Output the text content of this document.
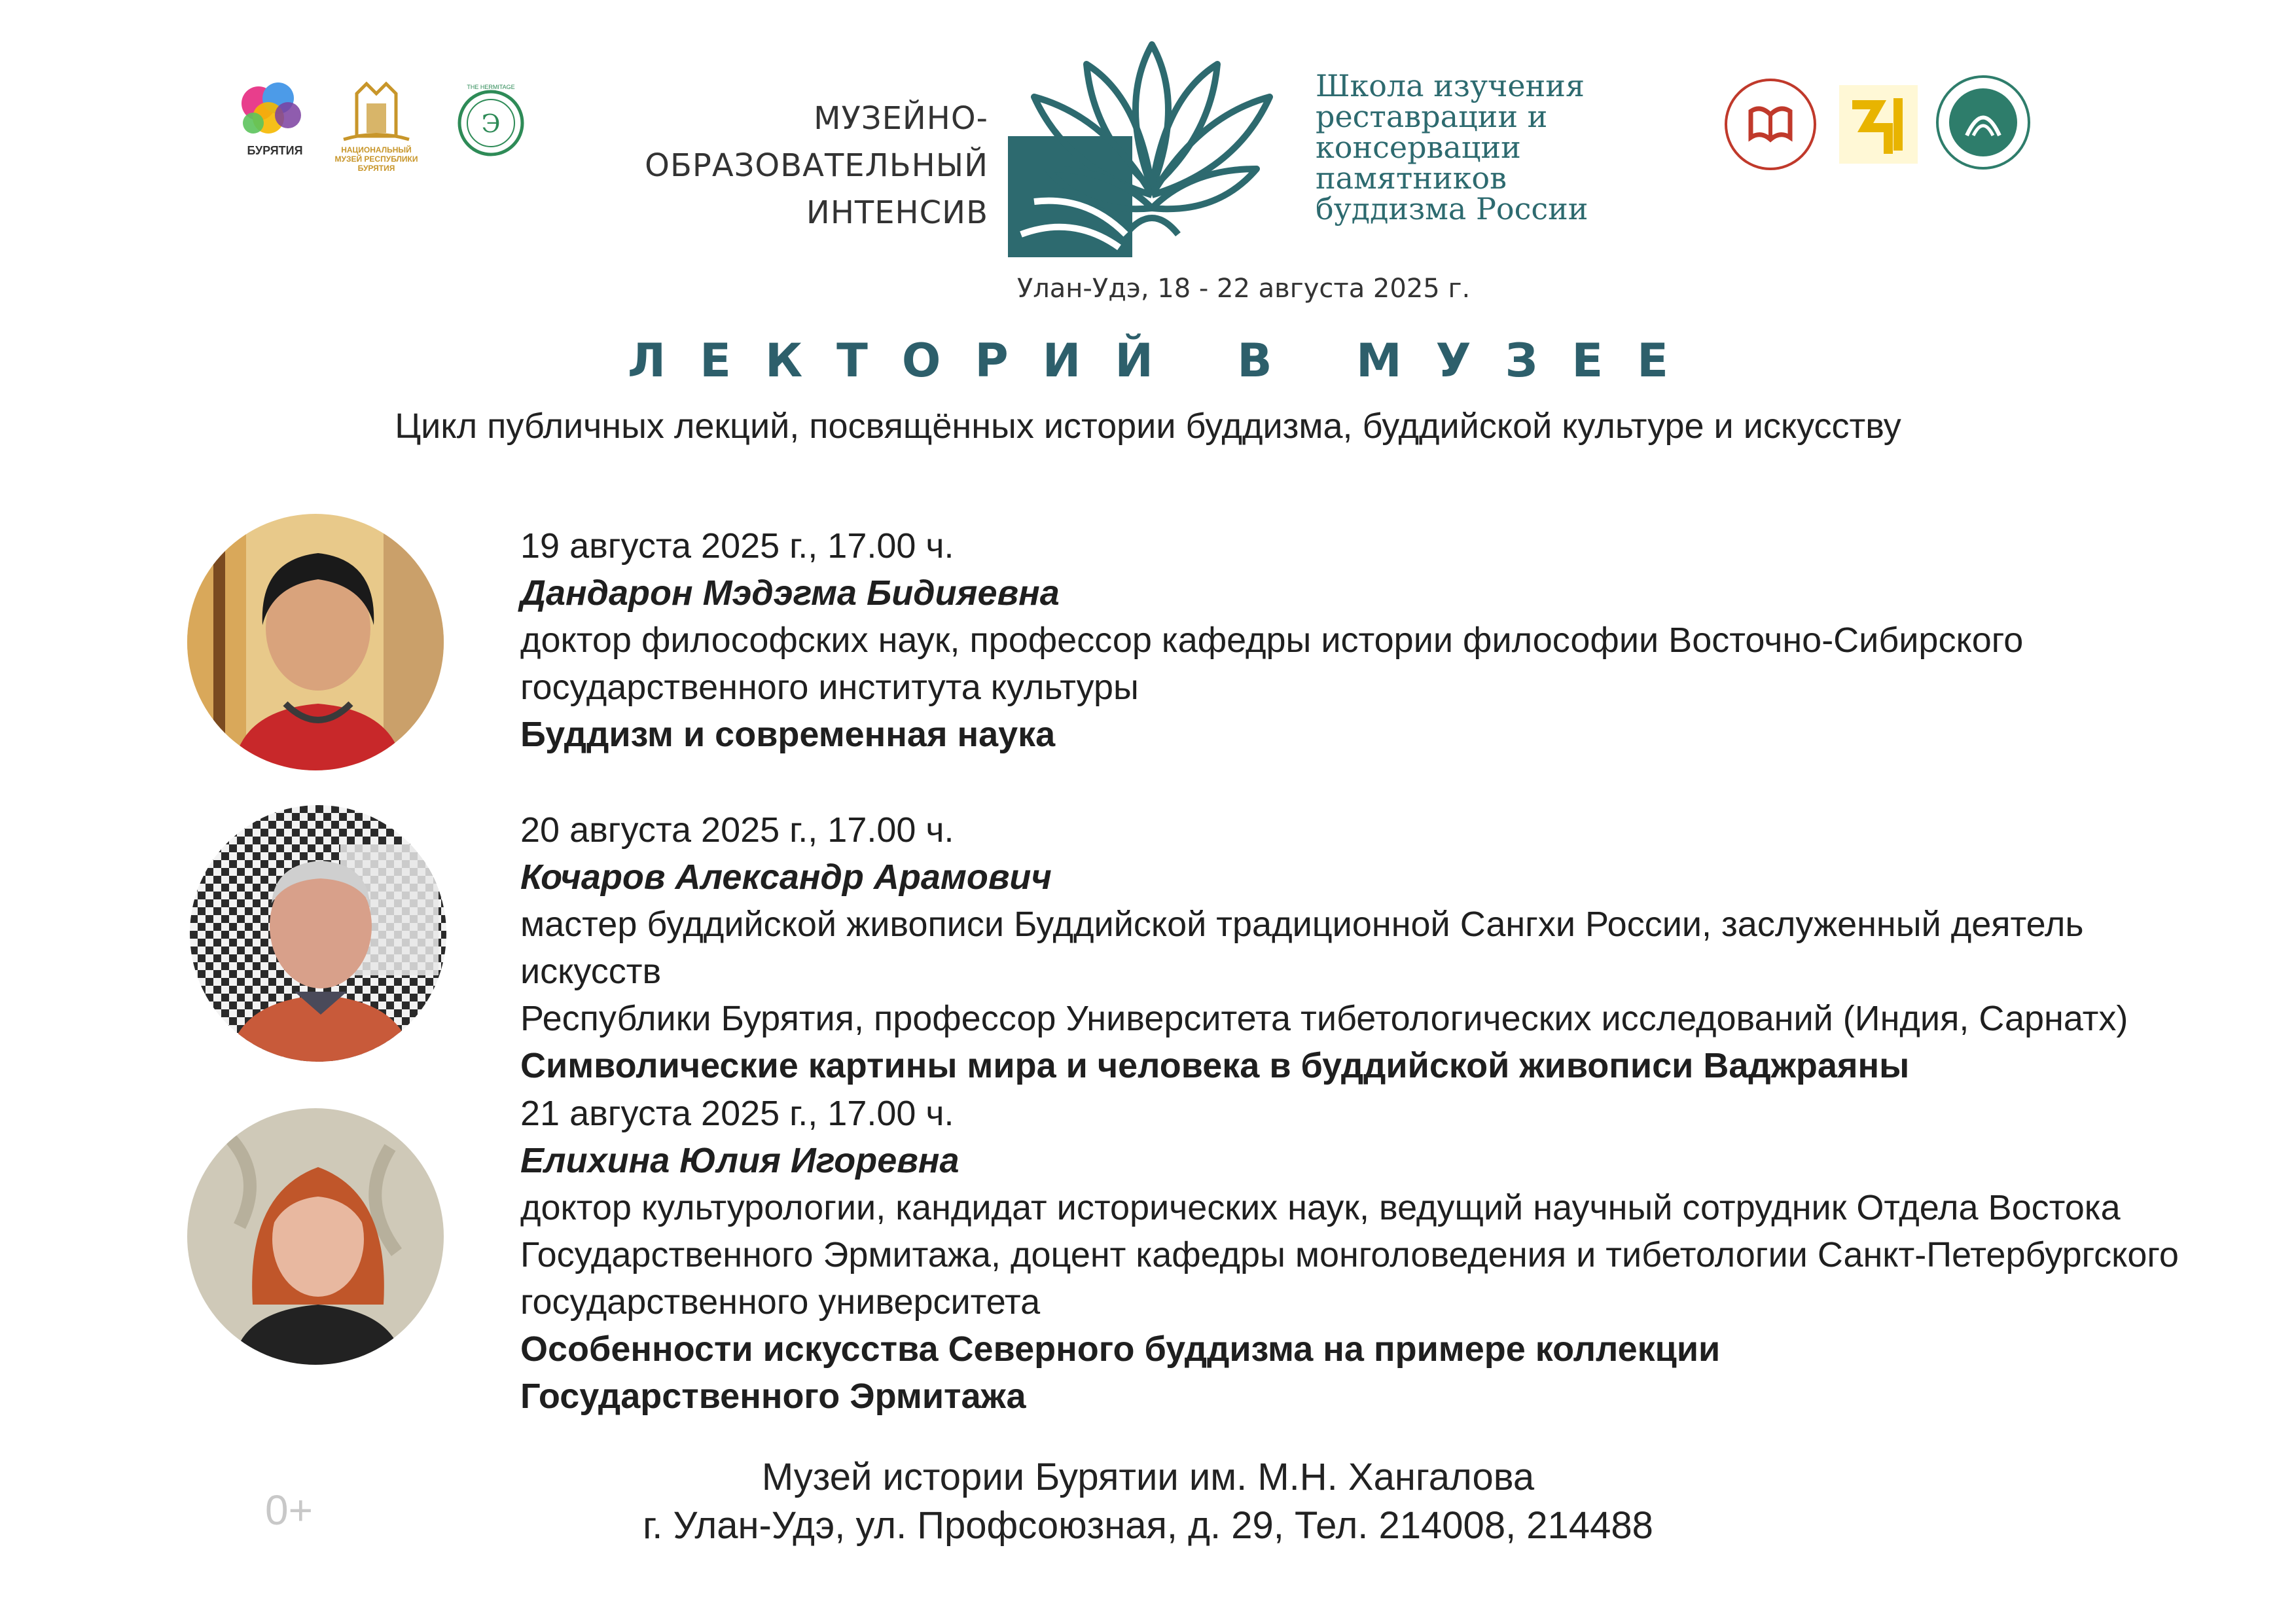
БУРЯТИЯ	НАЦИОНАЛЬНЫЙ МУЗЕЙ РЕСПУБЛИКИ БУРЯТИЯ
Э
THE HERMITAGE
МУЗЕЙНО-
ОБРАЗОВАТЕЛЬНЫЙ
ИНТЕНСИВ
Школа изучения
реставрации и
консервации
памятников
буддизма России
Улан-Удэ, 18 - 22 августа 2025 г.
ЛЕКТОРИЙ В МУЗЕЕ
Цикл публичных лекций, посвящённых истории буддизма, буддийской культуре и искусству
19 августа 2025 г., 17.00 ч.
Дандарон Мэдэгма Бидияевна
доктор философских наук, профессор кафедры истории философии Восточно-Сибирского
государственного института культуры
Буддизм и современная наука
20 августа 2025 г., 17.00 ч.
Кочаров Александр Арамович
мастер буддийской живописи Буддийской традиционной Сангхи России, заслуженный деятель искусств
Республики Бурятия, профессор Университета тибетологических исследований (Индия, Сарнатх)
Символические картины мира и человека в буддийской живописи Ваджраяны
21 августа 2025 г., 17.00 ч.
Елихина Юлия Игоревна
доктор культурологии, кандидат исторических наук, ведущий научный сотрудник Отдела Востока
Государственного Эрмитажа, доцент кафедры монголоведения и тибетологии Санкт-Петербургского
государственного университета
Особенности искусства Северного буддизма на примере коллекции
Государственного Эрмитажа
0+
Музей истории Бурятии им. М.Н. Хангалова
г. Улан-Удэ, ул. Профсоюзная, д. 29, Тел. 214008, 214488
